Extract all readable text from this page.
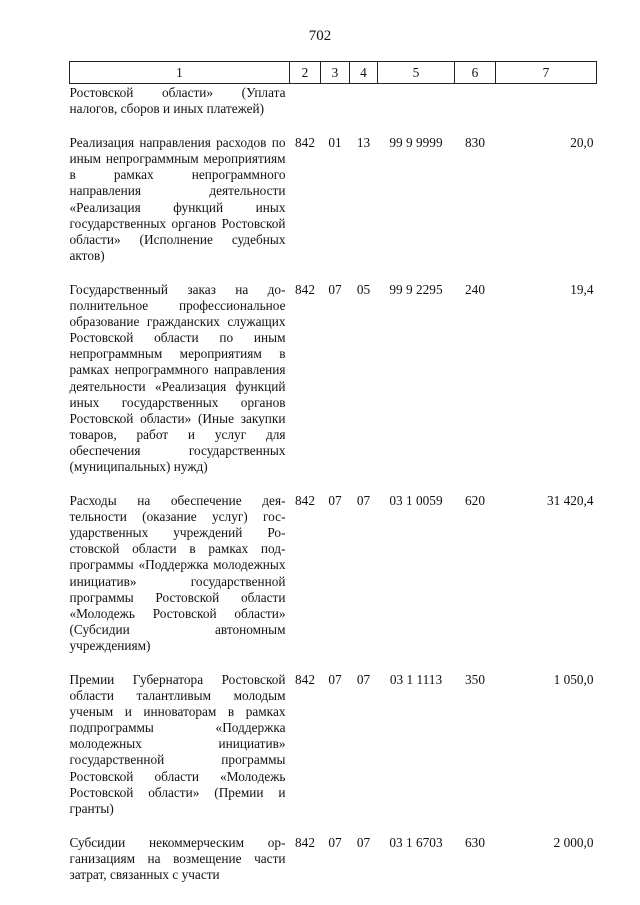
702
1	2	3	4	5	6	7
Ростовской области» (Уплата налогов, сборов и иных платежей)						
Реализация направления расходов по иным непрограммным мероприятиям в рамках непрограммного направления деятельности «Реализация функций иных государственных органов Ростовской области» (Исполнение судебных актов)	842	01	13	99 9 9999	830	20,0
Государственный заказ на дополнительное профессиональное образование гражданских служащих Ростовской области по иным непрограммным мероприятиям в рамках непрограммного направления деятельности «Реализация функций иных государственных органов Ростовской области» (Иные закупки товаров, работ и услуг для обеспечения государственных (муниципальных) нужд)	842	07	05	99 9 2295	240	19,4
Расходы на обеспечение деятельности (оказание услуг) государственных учреждений Ростовской области в рамках подпрограммы «Поддержка молодежных инициатив» государственной программы Ростовской области «Молодежь Ростовской области» (Субсидии автономным учреждениям)	842	07	07	03 1 0059	620	31 420,4
Премии Губернатора Ростовской области талантливым молодым ученым и инноваторам в рамках подпрограммы «Поддержка молодежных инициатив» государственной программы Ростовской области «Молодежь Ростовской области» (Премии и гранты)	842	07	07	03 1 1113	350	1 050,0
Субсидии некоммерческим организациям на возмещение части затрат, связанных с участи	842	07	07	03 1 6703	630	2 000,0
